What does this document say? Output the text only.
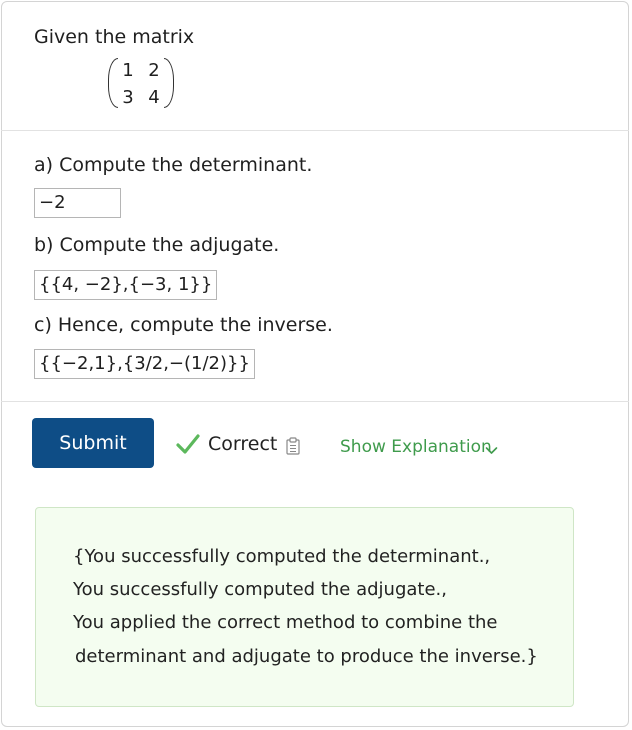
Given the matrix
1 2
3 4
a) Compute the determinant.
−2
b) Compute the adjugate.
{{4, −2},{−3, 1}}
c) Hence, compute the inverse.
{{−2,1},{3/2,−(1/2)}}
Submit	Correct	Show Explanation
{You successfully computed the determinant.,
You successfully computed the adjugate.,
You applied the correct method to combine the
determinant and adjugate to produce the inverse.}
